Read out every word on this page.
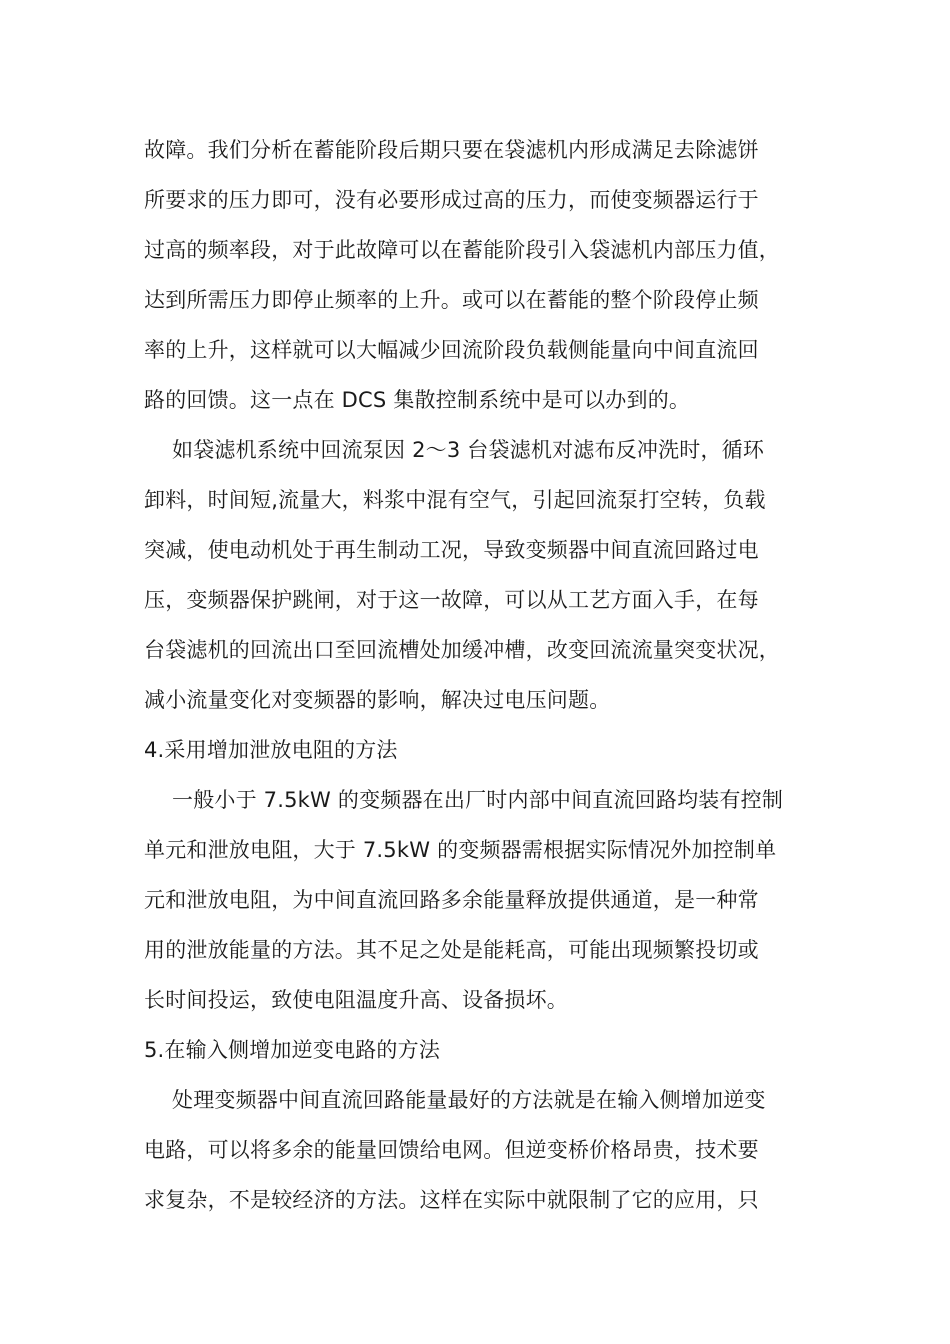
故障。我们分析在蓄能阶段后期只要在袋滤机内形成满足去除滤饼
所要求的压力即可，没有必要形成过高的压力，而使变频器运行于
过高的频率段，对于此故障可以在蓄能阶段引入袋滤机内部压力值，
达到所需压力即停止频率的上升。或可以在蓄能的整个阶段停止频
率的上升，这样就可以大幅减少回流阶段负载侧能量向中间直流回
路的回馈。这一点在 DCS 集散控制系统中是可以办到的。
如袋滤机系统中回流泵因 2～3 台袋滤机对滤布反冲洗时，循环
卸料，时间短,流量大，料浆中混有空气，引起回流泵打空转，负载
突减，使电动机处于再生制动工况，导致变频器中间直流回路过电
压，变频器保护跳闸，对于这一故障，可以从工艺方面入手，在每
台袋滤机的回流出口至回流槽处加缓冲槽，改变回流流量突变状况，
减小流量变化对变频器的影响，解决过电压问题。
4.采用增加泄放电阻的方法
一般小于 7.5kW 的变频器在出厂时内部中间直流回路均装有控制
单元和泄放电阻，大于 7.5kW 的变频器需根据实际情况外加控制单
元和泄放电阻，为中间直流回路多余能量释放提供通道，是一种常
用的泄放能量的方法。其不足之处是能耗高，可能出现频繁投切或
长时间投运，致使电阻温度升高、设备损坏。
5.在输入侧增加逆变电路的方法
处理变频器中间直流回路能量最好的方法就是在输入侧增加逆变
电路，可以将多余的能量回馈给电网。但逆变桥价格昂贵，技术要
求复杂，不是较经济的方法。这样在实际中就限制了它的应用，只
